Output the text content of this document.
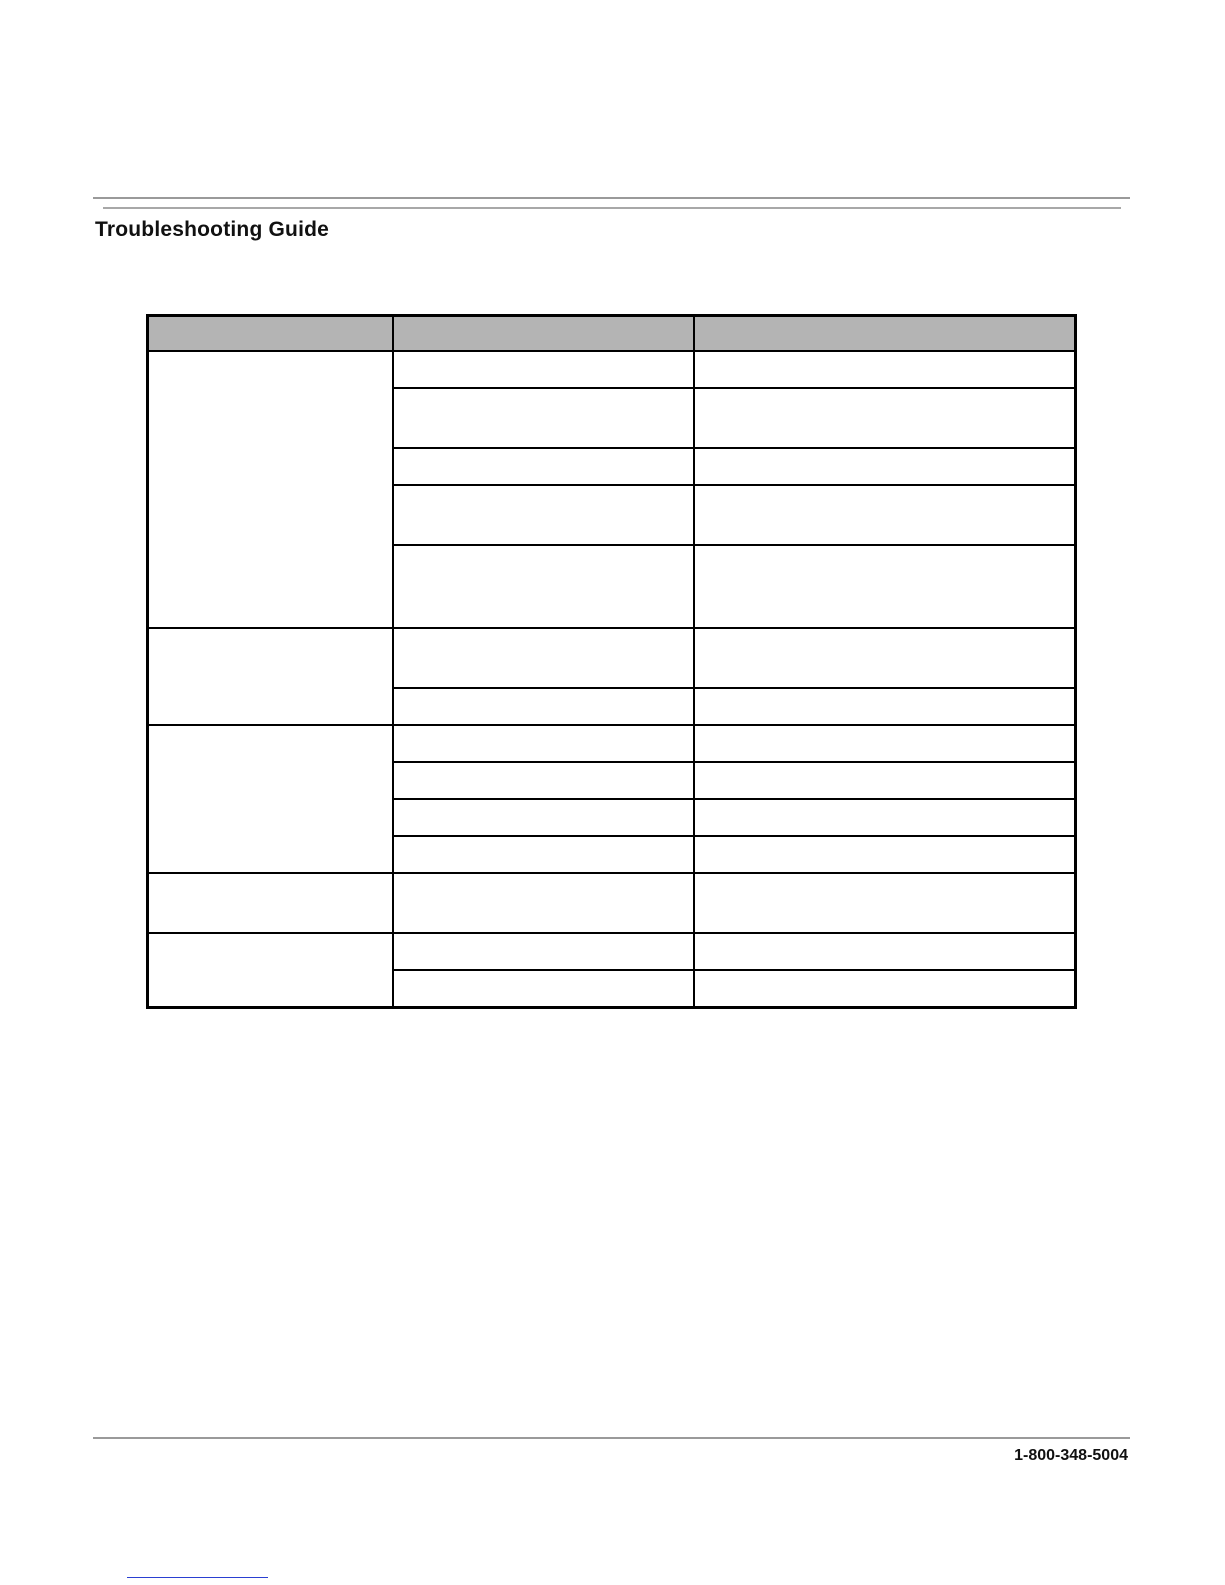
Troubleshooting Guide

1-800-348-5004
